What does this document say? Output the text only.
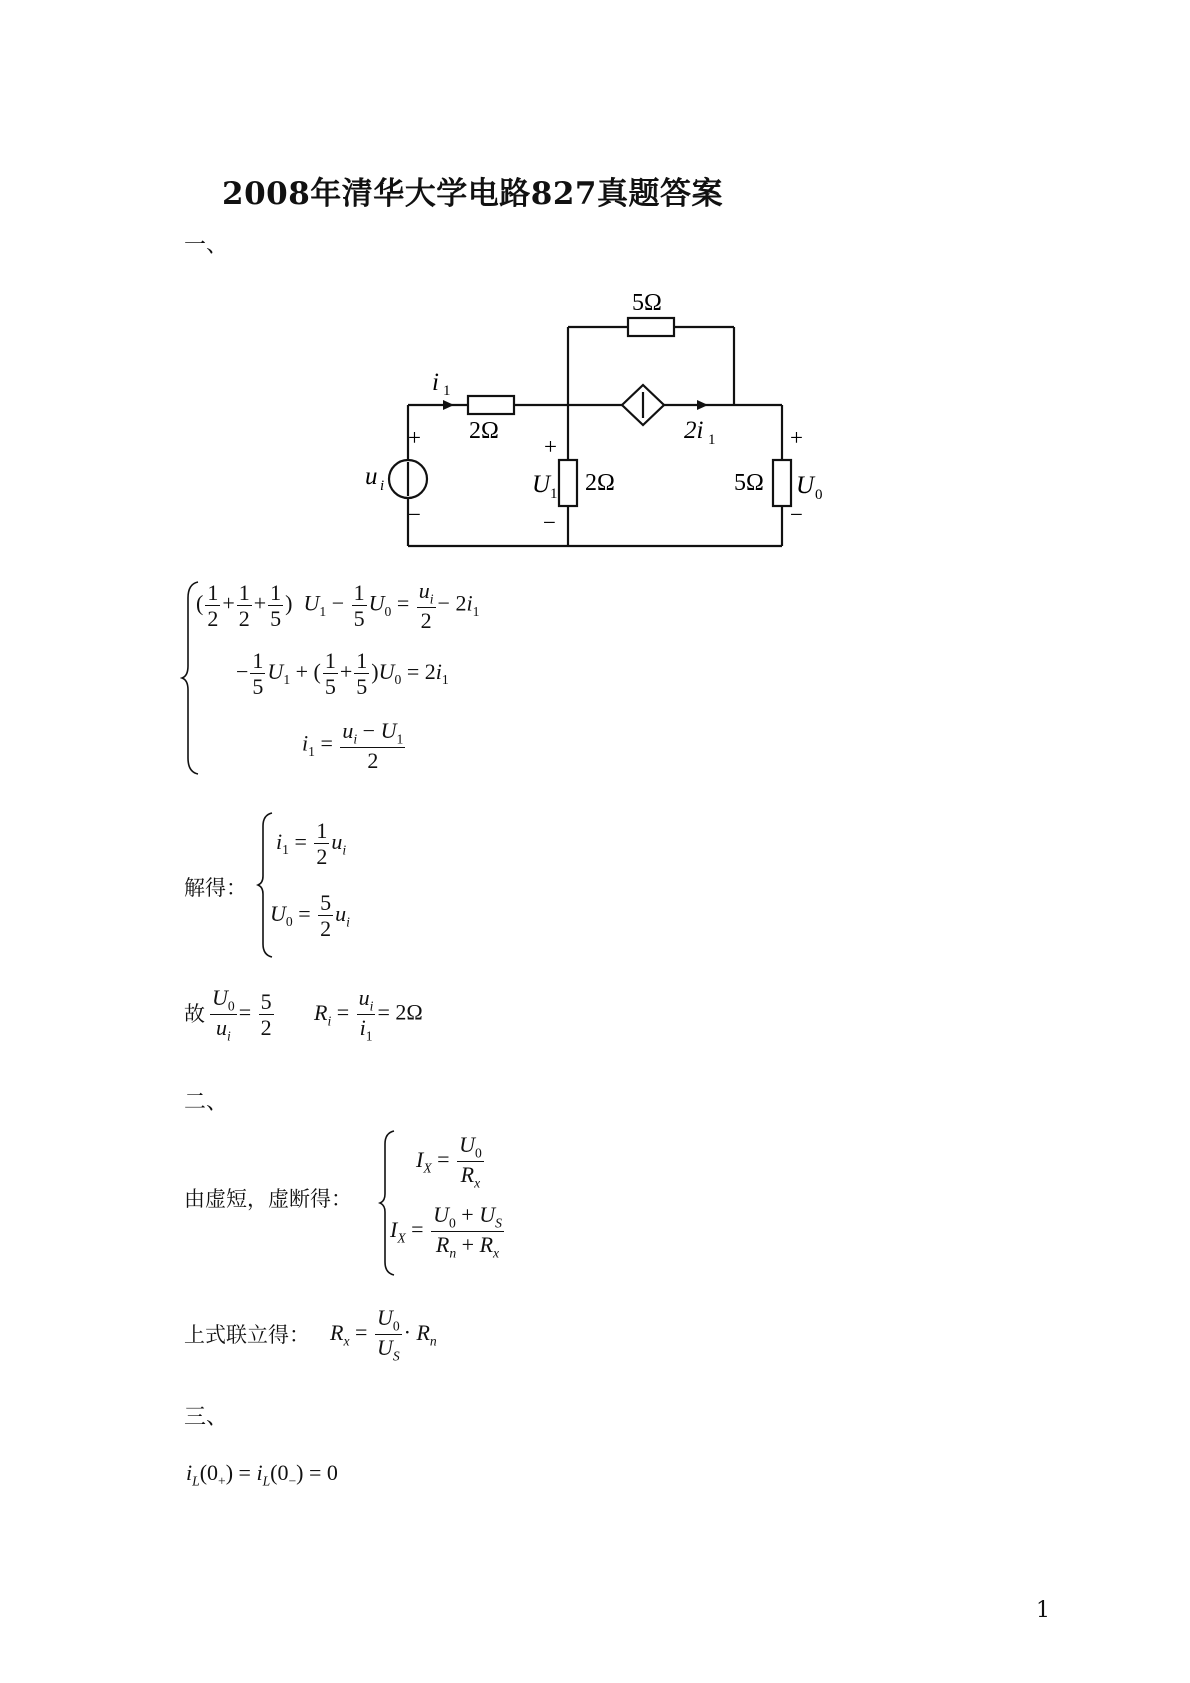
2008年清华大学电路827真题答案
一、
5Ω
i 1
2Ω
+
−
u i
+
U 1
−
2Ω
2i 1
5Ω
+
U 0
−
( $\frac{1}{2} + \frac{1}{2} + \frac{1}{5}$ )  $U_1 - \frac{1}{5} U_0 = \frac{u_i}{2} - 2i_1$
− $\frac{1}{5} U_1$ + ( $\frac{1}{5} + \frac{1}{5} )U_0 = 2i_1$
$i_1 = \frac{u_i - U_1}{2}$
解得：
$i_1 = \frac{1}{2} u_i$
$U_0 = \frac{5}{2} u_i$
故 $\frac{U_0}{u_i} = \frac{5}{2} R_i = \frac{u_i}{i_1} = 2\Omega$
二、
由虚短，虚断得：
$I_X = \frac{U_0}{R_x}$
$I_X = \frac{U_0 + U_S}{R_n + R_x}$
上式联立得： $R_x = \frac{U_0}{U_S} \cdot R_n$
三、
$i_L(0_+) = i_L(0_-) = 0$
1
